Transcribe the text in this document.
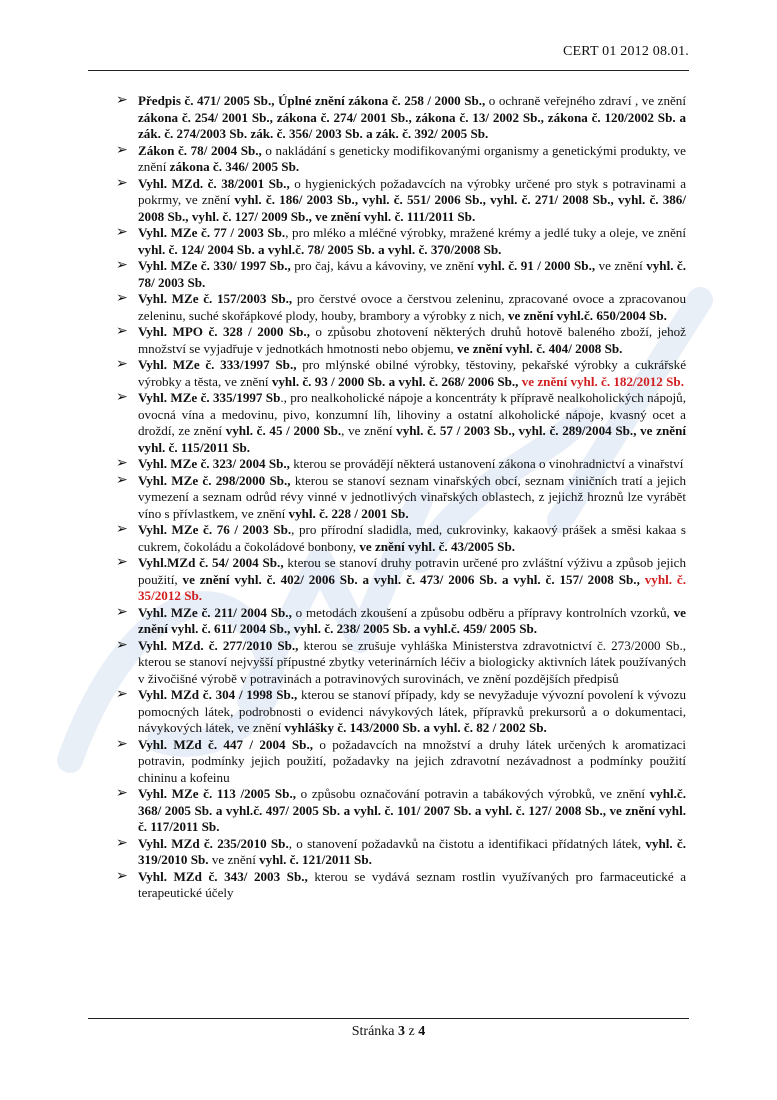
CERT 01 2012 08.01.
➢ Předpis č. 471/ 2005 Sb., Úplné znění zákona č. 258 / 2000 Sb., o ochraně veřejného zdraví , ve znění zákona č. 254/ 2001 Sb., zákona č. 274/ 2001 Sb., zákona č. 13/ 2002 Sb., zákona č. 120/2002 Sb. a zák. č. 274/2003 Sb. zák. č. 356/ 2003 Sb. a zák. č. 392/ 2005 Sb.
➢ Zákon č. 78/ 2004 Sb., o nakládání s geneticky modifikovanými organismy a genetickými produkty, ve znění zákona č. 346/ 2005 Sb.
➢ Vyhl. MZd. č. 38/2001 Sb., o hygienických požadavcích na výrobky určené pro styk s potravinami a pokrmy, ve znění vyhl. č. 186/ 2003 Sb., vyhl. č. 551/ 2006 Sb., vyhl. č. 271/ 2008 Sb., vyhl. č. 386/ 2008 Sb., vyhl. č. 127/ 2009 Sb., ve znění vyhl. č. 111/2011 Sb.
➢ Vyhl. MZe č. 77 / 2003 Sb., pro mléko a mléčné výrobky, mražené krémy a jedlé tuky a oleje, ve znění vyhl. č. 124/ 2004 Sb. a vyhl.č. 78/ 2005 Sb. a vyhl. č. 370/2008 Sb.
➢ Vyhl. MZe č. 330/ 1997 Sb., pro čaj, kávu a kávoviny, ve znění vyhl. č. 91 / 2000 Sb., ve znění vyhl. č. 78/ 2003 Sb.
➢ Vyhl. MZe č. 157/2003 Sb., pro čerstvé ovoce a čerstvou zeleninu, zpracované ovoce a zpracovanou zeleninu, suché skořápkové plody, houby, brambory a výrobky z nich, ve znění vyhl.č. 650/2004 Sb.
➢ Vyhl. MPO č. 328 / 2000 Sb., o způsobu zhotovení některých druhů hotově baleného zboží, jehož množství se vyjadřuje v jednotkách hmotnosti nebo objemu, ve znění vyhl. č. 404/ 2008 Sb.
➢ Vyhl. MZe č. 333/1997 Sb., pro mlýnské obilné výrobky, těstoviny, pekařské výrobky a cukrářské výrobky a těsta, ve znění vyhl. č. 93 / 2000 Sb. a vyhl. č. 268/ 2006 Sb., ve znění vyhl. č. 182/2012 Sb.
➢ Vyhl. MZe č. 335/1997 Sb., pro nealkoholické nápoje a koncentráty k přípravě nealkoholických nápojů, ovocná vína a medovinu, pivo, konzumní líh, lihoviny a ostatní alkoholické nápoje, kvasný ocet a droždí, ze znění vyhl. č. 45 / 2000 Sb., ve znění vyhl. č. 57 / 2003 Sb., vyhl. č. 289/2004 Sb., ve znění vyhl. č. 115/2011 Sb.
➢ Vyhl. MZe č. 323/ 2004 Sb., kterou se provádějí některá ustanovení zákona o vinohradnictví a vinařství
➢ Vyhl. MZe č. 298/2000 Sb., kterou se stanoví seznam vinařských obcí, seznam viničních tratí a jejich vymezení a seznam odrůd révy vinné v jednotlivých vinařských oblastech, z jejichž hroznů lze vyrábět víno s přívlastkem, ve znění vyhl. č. 228 / 2001 Sb.
➢ Vyhl. MZe č. 76 / 2003 Sb., pro přírodní sladidla, med, cukrovinky, kakaový prášek a směsi kakaa s cukrem, čokoládu a čokoládové bonbony, ve znění vyhl. č. 43/2005 Sb.
➢ Vyhl.MZd č. 54/ 2004 Sb., kterou se stanoví druhy potravin určené pro zvláštní výživu a způsob jejich použití, ve znění vyhl. č. 402/ 2006 Sb. a vyhl. č. 473/ 2006 Sb. a vyhl. č. 157/ 2008 Sb., vyhl. č. 35/2012 Sb.
➢ Vyhl. MZe č. 211/ 2004 Sb., o metodách zkoušení a způsobu odběru a přípravy kontrolních vzorků, ve znění vyhl. č. 611/ 2004 Sb., vyhl. č. 238/ 2005 Sb. a vyhl.č. 459/ 2005 Sb.
➢ Vyhl. MZd. č. 277/2010 Sb., kterou se zrušuje vyhláška Ministerstva zdravotnictví č. 273/2000 Sb., kterou se stanoví nejvyšší přípustné zbytky veterinárních léčiv a biologicky aktivních látek používaných v živočišné výrobě v potravinách a potravinových surovinách, ve znění pozdějších předpisů
➢ Vyhl. MZd č. 304 / 1998 Sb., kterou se stanoví případy, kdy se nevyžaduje vývozní povolení k vývozu pomocných látek, podrobnosti o evidenci návykových látek, přípravků prekursorů a o dokumentaci, návykových látek, ve znění vyhlášky č. 143/2000 Sb. a vyhl. č. 82 / 2002 Sb.
➢ Vyhl. MZd č. 447 / 2004 Sb., o požadavcích na množství a druhy látek určených k aromatizaci potravin, podmínky jejich použití, požadavky na jejich zdravotní nezávadnost a podmínky použití chininu a kofeinu
➢ Vyhl. MZe č. 113 /2005 Sb., o způsobu označování potravin a tabákových výrobků, ve znění vyhl.č. 368/ 2005 Sb. a vyhl.č. 497/ 2005 Sb. a vyhl. č. 101/ 2007 Sb. a vyhl. č. 127/ 2008 Sb., ve znění vyhl. č. 117/2011 Sb.
➢ Vyhl. MZd č. 235/2010 Sb., o stanovení požadavků na čistotu a identifikaci přídatných látek, vyhl. č. 319/2010 Sb. ve znění vyhl. č. 121/2011 Sb.
➢ Vyhl. MZd č. 343/ 2003 Sb., kterou se vydává seznam rostlin využívaných pro farmaceutické a terapeutické účely
Stránka 3 z 4
